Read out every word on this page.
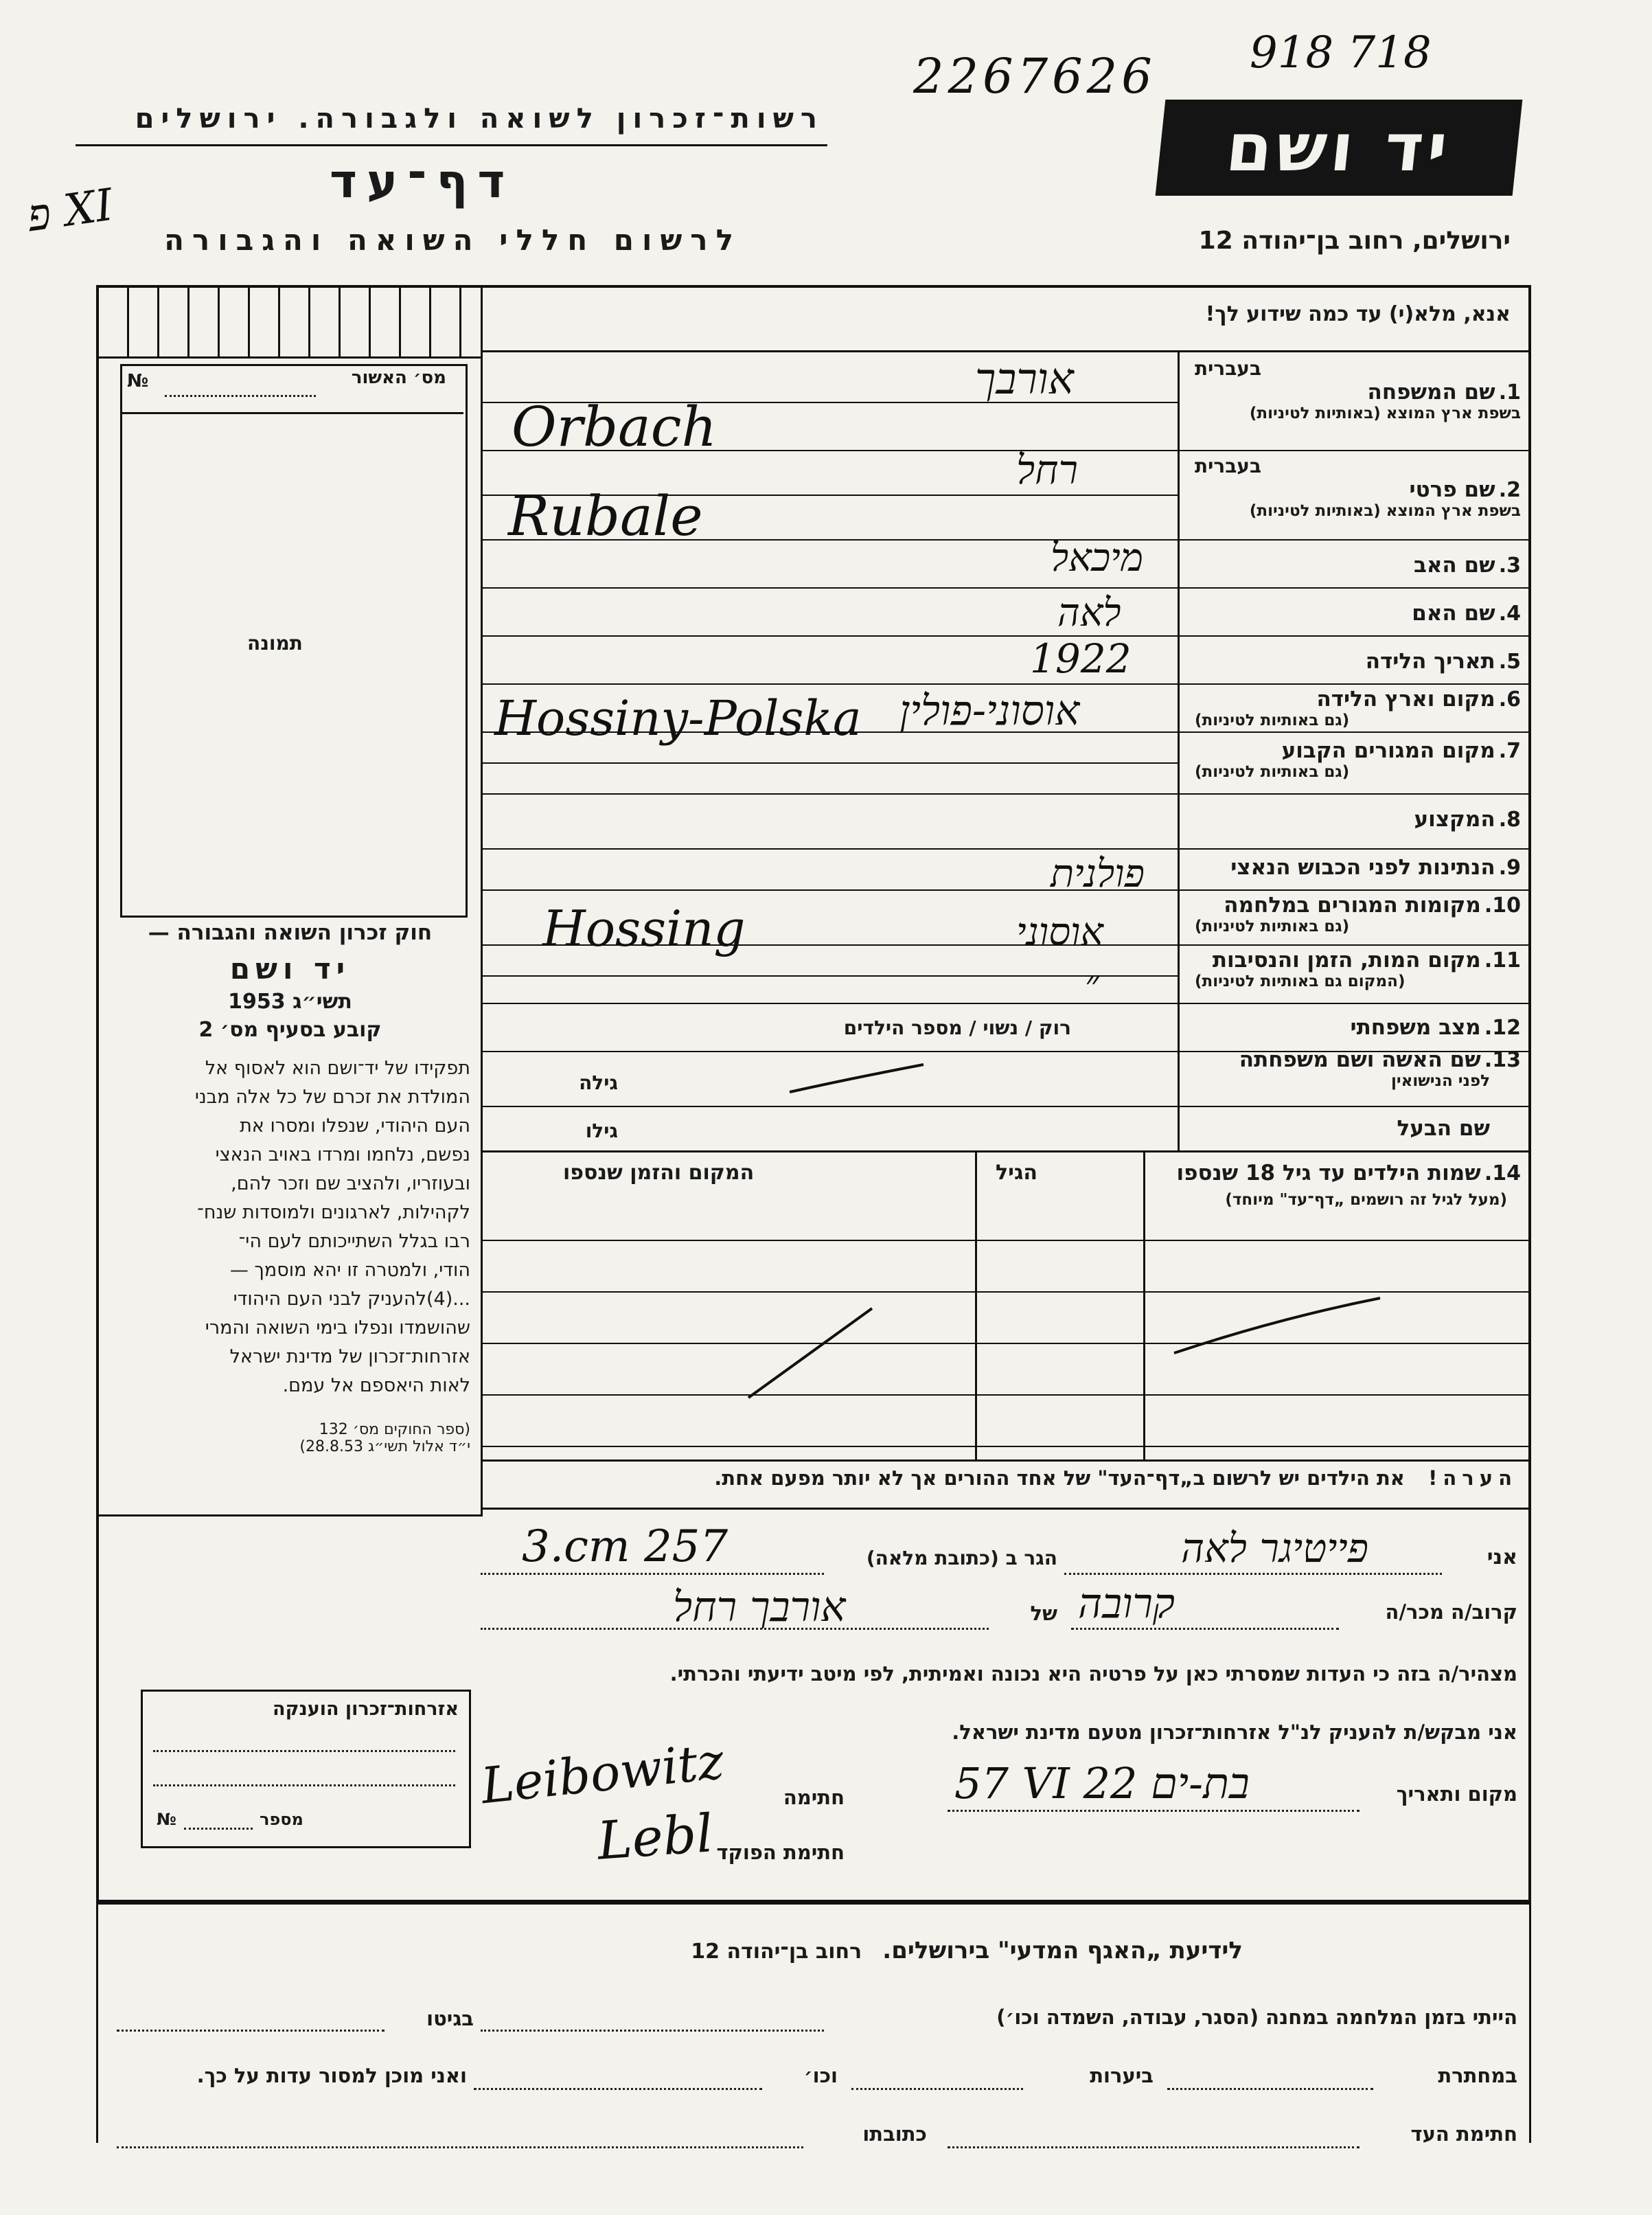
2267626 918 718
פ XI
רשות־זכרון לשואה ולגבורה. ירושלים
דף־עד
לרשום חללי השואה והגבורה
יד ושם
ירושלים, רחוב בן־יהודה 12
מס׳ האשור
№
תמונה

חוק זכרון השואה והגבורה —

יד ושם

תשי״ג 1953

קובע בסעיף מס׳ 2

תפקידו של יד־ושם הוא לאסוף אל

המולדת את זכרם של כל אלה מבני

העם היהודי, שנפלו ומסרו את

נפשם, נלחמו ומרדו באויב הנאצי

ובעוזריו, ולהציב שם וזכר להם,

לקהילות, לארגונים ולמוסדות שנח־

רבו בגלל השתייכותם לעם הי־

הודי, ולמטרה זו יהא מוסמך —

...(4)להעניק לבני העם היהודי

שהושמדו ונפלו בימי השואה והמרי

אזרחות־זכרון של מדינת ישראל

לאות היאספם אל עמם.

(ספר החוקים מס׳ 132

י״ד אלול תשי״ג 28.8.53)

אזרחות־זכרון הוענקה
№	מספר
אנא, מלא(י) עד כמה שידוע לך!
בעברית
1. שם המשפחה
בשפת ארץ המוצא (באותיות לטיניות)
בעברית
2. שם פרטי
בשפת ארץ המוצא (באותיות לטיניות)
3. שם האב
4. שם האם
5. תאריך הלידה
6. מקום וארץ הלידה
(גם באותיות לטיניות)
7. מקום המגורים הקבוע
(גם באותיות לטיניות)
8. המקצוע
9. הנתינות לפני הכבוש הנאצי
10. מקומות המגורים במלחמה
(גם באותיות לטיניות)
11. מקום המות, הזמן והנסיבות
(המקום גם באותיות לטיניות)
12. מצב משפחתי
13. שם האשה ושם משפחתה
לפני הנישואין
שם הבעל
אורבך
Orbach
רחל
Rubale
מיכאל
לאה
1922
Hossiny-Polska אוסוני-פולין
פולנית
Hossing	אוסוני
״
רוק / נשוי / מספר הילדים
גילה
גילו
14. שמות הילדים עד גיל 18 שנספו
(מעל לגיל זה רושמים „דף־עד" מיוחד)
הגיל
המקום והזמן שנספו
הערה! את הילדים יש לרשום ב„דף־העד" של אחד ההורים אך לא יותר מפעם אחת.
אני
פייטיגר לאה
הגר ב (כתובת מלאה)
3.ст 257
קרוב/ה מכר/ה
קרובה
של
אורבך רחל
מצהיר/ה בזה כי העדות שמסרתי כאן על פרטיה היא נכונה ואמיתית, לפי מיטב ידיעתי והכרתי.
אני מבקש/ת להעניק לנ"ל אזרחות־זכרון מטעם מדינת ישראל.
מקום ותאריך
57 VI 22 בת-ים
חתימה
Leibowitz
Lebl חתימת הפוקד
לידיעת „האגף המדעי" בירושלים. רחוב בן־יהודה 12
הייתי בזמן המלחמה במחנה (הסגר, עבודה, השמדה וכו׳)
בגיטו
במחתרת
ביערות
וכו׳
ואני מוכן למסור עדות על כך.
חתימת העד
כתובתו
